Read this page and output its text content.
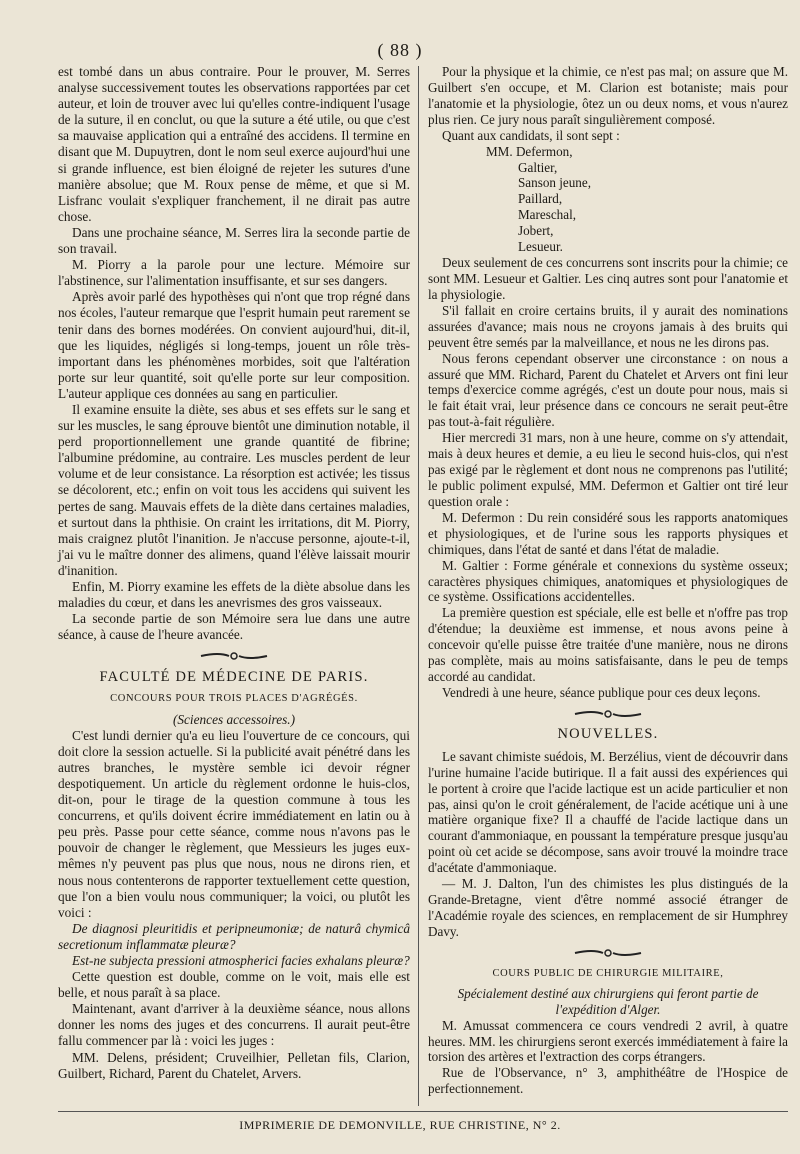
( 88 )

est tombé dans un abus contraire. Pour le prouver, M. Serres analyse successivement toutes les observations rapportées par cet auteur, et loin de trouver avec lui qu'elles contre-indiquent l'usage de la suture, il en conclut, ou que la suture a été utile, ou que c'est sa mauvaise application qui a entraîné des accidens. Il termine en disant que M. Dupuytren, dont le nom seul exerce aujourd'hui une si grande influence, est bien éloigné de rejeter les sutures d'une manière absolue; que M. Roux pense de même, et que si M. Lisfranc voulait s'expliquer franchement, il ne dirait pas autre chose.

Dans une prochaine séance, M. Serres lira la seconde partie de son travail.

M. Piorry a la parole pour une lecture. Mémoire sur l'abstinence, sur l'alimentation insuffisante, et sur ses dangers.

Après avoir parlé des hypothèses qui n'ont que trop régné dans nos écoles, l'auteur remarque que l'esprit humain peut rarement se tenir dans des bornes modérées. On convient aujourd'hui, dit-il, que les liquides, négligés si long-temps, jouent un rôle très-important dans les phénomènes morbides, soit que l'altération porte sur leur quantité, soit qu'elle porte sur leur composition. L'auteur applique ces données au sang en particulier.

Il examine ensuite la diète, ses abus et ses effets sur le sang et sur les muscles, le sang éprouve bientôt une diminution notable, il perd proportionnellement une grande quantité de fibrine; l'albumine prédomine, au contraire. Les muscles perdent de leur volume et de leur consistance. La résorption est activée; les tissus se décolorent, etc.; enfin on voit tous les accidens qui suivent les pertes de sang. Mauvais effets de la diète dans certaines maladies, et surtout dans la phthisie. On craint les irritations, dit M. Piorry, mais craignez plutôt l'inanition. Je n'accuse personne, ajoute-t-il, j'ai vu le maître donner des alimens, quand l'élève laissait mourir d'inanition.

Enfin, M. Piorry examine les effets de la diète absolue dans les maladies du cœur, et dans les anevrismes des gros vaisseaux.

La seconde partie de son Mémoire sera lue dans une autre séance, à cause de l'heure avancée.

FACULTÉ DE MÉDECINE DE PARIS.
CONCOURS POUR TROIS PLACES D'AGRÉGÉS.

(Sciences accessoires.)

C'est lundi dernier qu'a eu lieu l'ouverture de ce concours, qui doit clore la session actuelle. Si la publicité avait pénétré dans les autres branches, le mystère semble ici devoir régner despotiquement. Un article du règlement ordonne le huis-clos, dit-on, pour le tirage de la question commune à tous les concurrens, et qu'ils doivent écrire immédiatement en latin ou à peu près. Passe pour cette séance, comme nous n'avons pas le pouvoir de changer le règlement, que Messieurs les juges eux-mêmes n'y peuvent pas plus que nous, nous ne dirons rien, et nous nous contenterons de rapporter textuellement cette question, que l'on a bien voulu nous communiquer; la voici, ou plutôt les voici :

De diagnosi pleuritidis et peripneumoniæ; de naturâ chymicâ secretionum inflammatæ pleuræ?

Est-ne subjecta pressioni atmospherici facies exhalans pleuræ?

Cette question est double, comme on le voit, mais elle est belle, et nous paraît à sa place.

Maintenant, avant d'arriver à la deuxième séance, nous allons donner les noms des juges et des concurrens. Il aurait peut-être fallu commencer par là : voici les juges :

MM. Delens, président; Cruveilhier, Pelletan fils, Clarion, Guilbert, Richard, Parent du Chatelet, Arvers.

Pour la physique et la chimie, ce n'est pas mal; on assure que M. Guilbert s'en occupe, et M. Clarion est botaniste; mais pour l'anatomie et la physiologie, ôtez un ou deux noms, et vous n'aurez plus rien. Ce jury nous paraît singulièrement composé.

Quant aux candidats, il sont sept :

MM. Defermon,

Galtier,

Sanson jeune,

Paillard,

Mareschal,

Jobert,

Lesueur.

Deux seulement de ces concurrens sont inscrits pour la chimie; ce sont MM. Lesueur et Galtier. Les cinq autres sont pour l'anatomie et la physiologie.

S'il fallait en croire certains bruits, il y aurait des nominations assurées d'avance; mais nous ne croyons jamais à des bruits qui peuvent être semés par la malveillance, et nous ne les dirons pas.

Nous ferons cependant observer une circonstance : on nous a assuré que MM. Richard, Parent du Chatelet et Arvers ont fini leur temps d'exercice comme agrégés, c'est un doute pour nous, mais si le fait était vrai, leur présence dans ce concours ne serait peut-être pas tout-à-fait régulière.

Hier mercredi 31 mars, non à une heure, comme on s'y attendait, mais à deux heures et demie, a eu lieu le second huis-clos, qui n'est pas exigé par le règlement et dont nous ne comprenons pas l'utilité; le public poliment expulsé, MM. Defermon et Galtier ont tiré leur question orale :

M. Defermon : Du rein considéré sous les rapports anatomiques et physiologiques, et de l'urine sous les rapports physiques et chimiques, dans l'état de santé et dans l'état de maladie.

M. Galtier : Forme générale et connexions du système osseux; caractères physiques chimiques, anatomiques et physiologiques de ce système. Ossifications accidentelles.

La première question est spéciale, elle est belle et n'offre pas trop d'étendue; la deuxième est immense, et nous avons peine à concevoir qu'elle puisse être traitée d'une manière, nous ne dirons pas complète, mais au moins satisfaisante, dans le peu de temps accordé au candidat.

Vendredi à une heure, séance publique pour ces deux leçons.

NOUVELLES.

Le savant chimiste suédois, M. Berzélius, vient de découvrir dans l'urine humaine l'acide butirique. Il a fait aussi des expériences qui le portent à croire que l'acide lactique est un acide particulier et non pas, ainsi qu'on le croit généralement, de l'acide acétique uni à une matière organique fixe? Il a chauffé de l'acide lactique dans un courant d'ammoniaque, en poussant la température presque jusqu'au point où cet acide se décompose, sans avoir trouvé la moindre trace d'acétate d'ammoniaque.

— M. J. Dalton, l'un des chimistes les plus distingués de la Grande-Bretagne, vient d'être nommé associé étranger de l'Académie royale des sciences, en remplacement de sir Humphrey Davy.

COURS PUBLIC DE CHIRURGIE MILITAIRE,

Spécialement destiné aux chirurgiens qui feront partie de l'expédition d'Alger.

M. Amussat commencera ce cours vendredi 2 avril, à quatre heures. MM. les chirurgiens seront exercés immédiatement à faire la torsion des artères et l'extraction des corps étrangers.

Rue de l'Observance, n° 3, amphithéâtre de l'Hospice de perfectionnement.

IMPRIMERIE DE DEMONVILLE, RUE CHRISTINE, N° 2.
